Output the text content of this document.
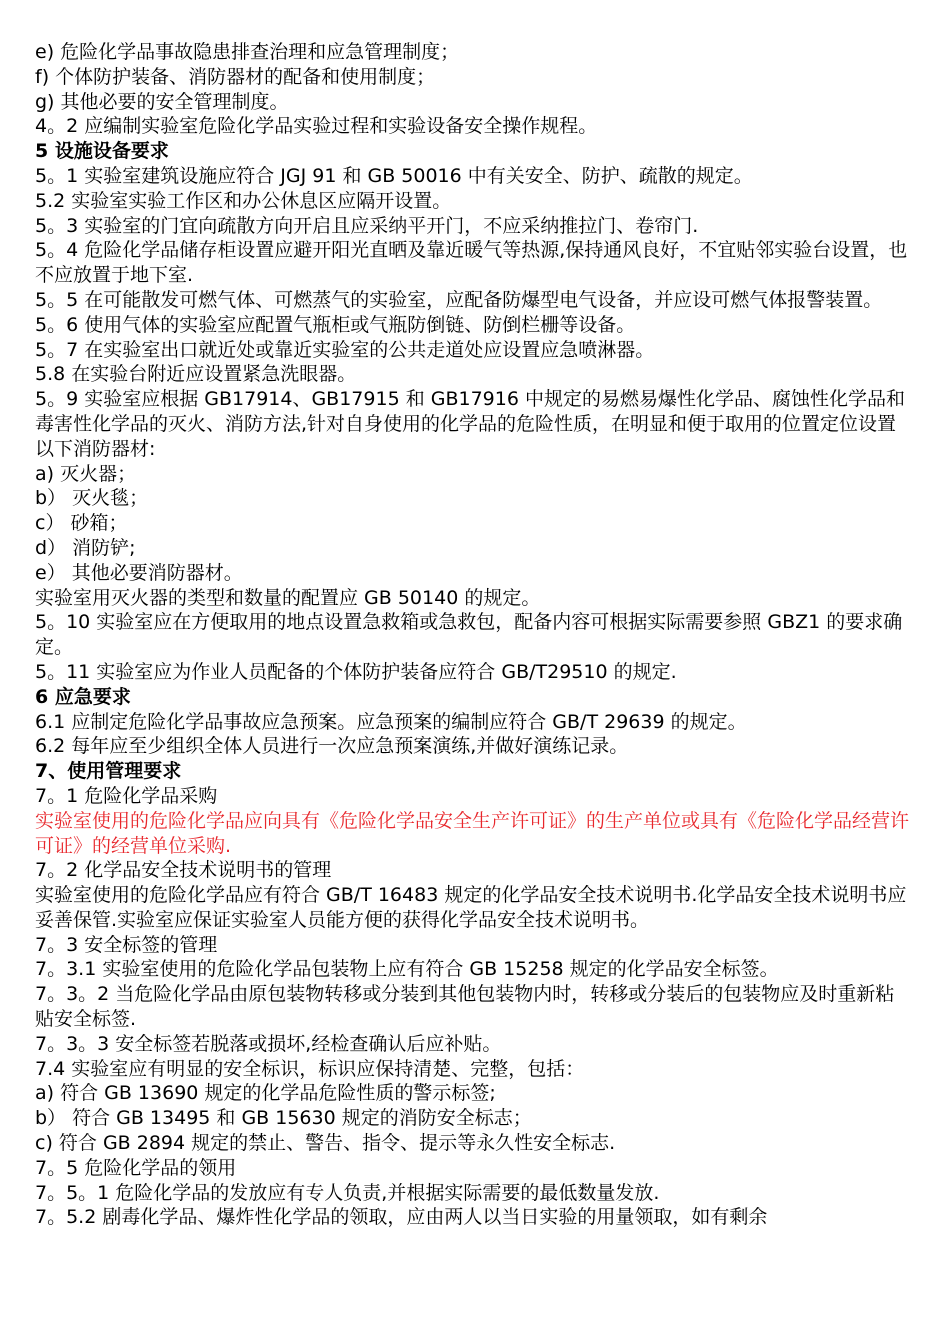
e) 危险化学品事故隐患排查治理和应急管理制度；

f) 个体防护装备、消防器材的配备和使用制度；

g) 其他必要的安全管理制度。

4。2 应编制实验室危险化学品实验过程和实验设备安全操作规程。

5 设施设备要求

5。1 实验室建筑设施应符合 JGJ 91 和 GB 50016 中有关安全、防护、疏散的规定。

5.2 实验室实验工作区和办公休息区应隔开设置。

5。3 实验室的门宜向疏散方向开启且应采纳平开门，不应采纳推拉门、卷帘门.

5。4 危险化学品储存柜设置应避开阳光直晒及靠近暖气等热源,保持通风良好，不宜贴邻实验台设置，也不应放置于地下室.

5。5 在可能散发可燃气体、可燃蒸气的实验室，应配备防爆型电气设备，并应设可燃气体报警装置。

5。6 使用气体的实验室应配置气瓶柜或气瓶防倒链、防倒栏栅等设备。

5。7 在实验室出口就近处或靠近实验室的公共走道处应设置应急喷淋器。

5.8 在实验台附近应设置紧急洗眼器。

5。9 实验室应根据 GB17914、GB17915 和 GB17916 中规定的易燃易爆性化学品、腐蚀性化学品和毒害性化学品的灭火、消防方法,针对自身使用的化学品的危险性质，在明显和便于取用的位置定位设置以下消防器材:

a) 灭火器；

b） 灭火毯；

c） 砂箱；

d） 消防铲;

e） 其他必要消防器材。

实验室用灭火器的类型和数量的配置应 GB 50140 的规定。

5。10 实验室应在方便取用的地点设置急救箱或急救包，配备内容可根据实际需要参照 GBZ1 的要求确定。

5。11 实验室应为作业人员配备的个体防护装备应符合 GB/T29510 的规定.

6 应急要求

6.1 应制定危险化学品事故应急预案。应急预案的编制应符合 GB/T 29639 的规定。

6.2 每年应至少组织全体人员进行一次应急预案演练,并做好演练记录。

7、使用管理要求

7。1 危险化学品采购

实验室使用的危险化学品应向具有《危险化学品安全生产许可证》的生产单位或具有《危险化学品经营许可证》的经营单位采购.

7。2 化学品安全技术说明书的管理

实验室使用的危险化学品应有符合 GB/T 16483 规定的化学品安全技术说明书.化学品安全技术说明书应妥善保管.实验室应保证实验室人员能方便的获得化学品安全技术说明书。

7。3 安全标签的管理

7。3.1 实验室使用的危险化学品包装物上应有符合 GB 15258 规定的化学品安全标签。

7。3。2 当危险化学品由原包装物转移或分装到其他包装物内时，转移或分装后的包装物应及时重新粘贴安全标签.

7。3。3 安全标签若脱落或损坏,经检查确认后应补贴。

7.4 实验室应有明显的安全标识，标识应保持清楚、完整，包括：

a) 符合 GB 13690 规定的化学品危险性质的警示标签;

b） 符合 GB 13495 和 GB 15630 规定的消防安全标志；

c) 符合 GB 2894 规定的禁止、警告、指令、提示等永久性安全标志.

7。5 危险化学品的领用

7。5。1 危险化学品的发放应有专人负责,并根据实际需要的最低数量发放.

7。5.2 剧毒化学品、爆炸性化学品的领取，应由两人以当日实验的用量领取，如有剩余
